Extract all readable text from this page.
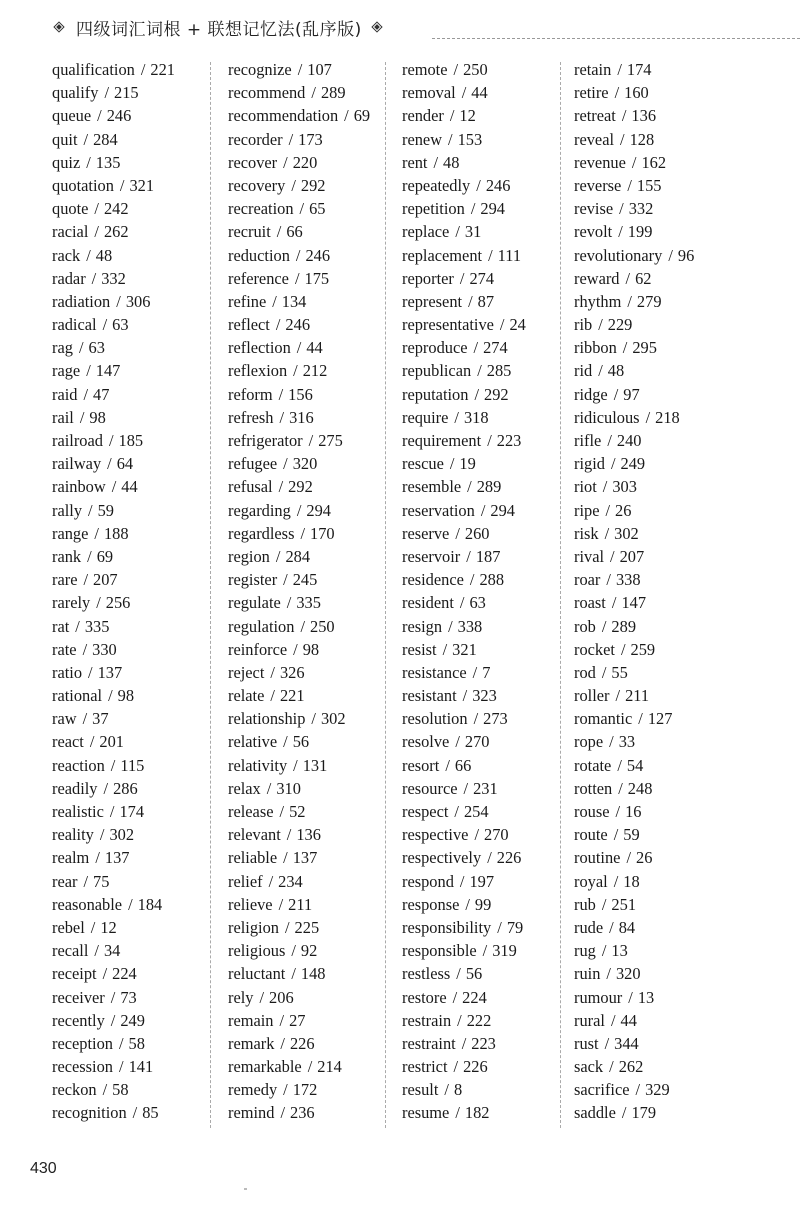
四级词汇词根 + 联想记忆法(乱序版)
qualification / 221
qualify / 215
queue / 246
quit / 284
quiz / 135
quotation / 321
quote / 242
racial / 262
rack / 48
radar / 332
radiation / 306
radical / 63
rag / 63
rage / 147
raid / 47
rail / 98
railroad / 185
railway / 64
rainbow / 44
rally / 59
range / 188
rank / 69
rare / 207
rarely / 256
rat / 335
rate / 330
ratio / 137
rational / 98
raw / 37
react / 201
reaction / 115
readily / 286
realistic / 174
reality / 302
realm / 137
rear / 75
reasonable / 184
rebel / 12
recall / 34
receipt / 224
receiver / 73
recently / 249
reception / 58
recession / 141
reckon / 58
recognition / 85
recognize / 107
recommend / 289
recommendation / 69
recorder / 173
recover / 220
recovery / 292
recreation / 65
recruit / 66
reduction / 246
reference / 175
refine / 134
reflect / 246
reflection / 44
reflexion / 212
reform / 156
refresh / 316
refrigerator / 275
refugee / 320
refusal / 292
regarding / 294
regardless / 170
region / 284
register / 245
regulate / 335
regulation / 250
reinforce / 98
reject / 326
relate / 221
relationship / 302
relative / 56
relativity / 131
relax / 310
release / 52
relevant / 136
reliable / 137
relief / 234
relieve / 211
religion / 225
religious / 92
reluctant / 148
rely / 206
remain / 27
remark / 226
remarkable / 214
remedy / 172
remind / 236
remote / 250
removal / 44
render / 12
renew / 153
rent / 48
repeatedly / 246
repetition / 294
replace / 31
replacement / 111
reporter / 274
represent / 87
representative / 24
reproduce / 274
republican / 285
reputation / 292
require / 318
requirement / 223
rescue / 19
resemble / 289
reservation / 294
reserve / 260
reservoir / 187
residence / 288
resident / 63
resign / 338
resist / 321
resistance / 7
resistant / 323
resolution / 273
resolve / 270
resort / 66
resource / 231
respect / 254
respective / 270
respectively / 226
respond / 197
response / 99
responsibility / 79
responsible / 319
restless / 56
restore / 224
restrain / 222
restraint / 223
restrict / 226
result / 8
resume / 182
retain / 174
retire / 160
retreat / 136
reveal / 128
revenue / 162
reverse / 155
revise / 332
revolt / 199
revolutionary / 96
reward / 62
rhythm / 279
rib / 229
ribbon / 295
rid / 48
ridge / 97
ridiculous / 218
rifle / 240
rigid / 249
riot / 303
ripe / 26
risk / 302
rival / 207
roar / 338
roast / 147
rob / 289
rocket / 259
rod / 55
roller / 211
romantic / 127
rope / 33
rotate / 54
rotten / 248
rouse / 16
route / 59
routine / 26
royal / 18
rub / 251
rude / 84
rug / 13
ruin / 320
rumour / 13
rural / 44
rust / 344
sack / 262
sacrifice / 329
saddle / 179
430
